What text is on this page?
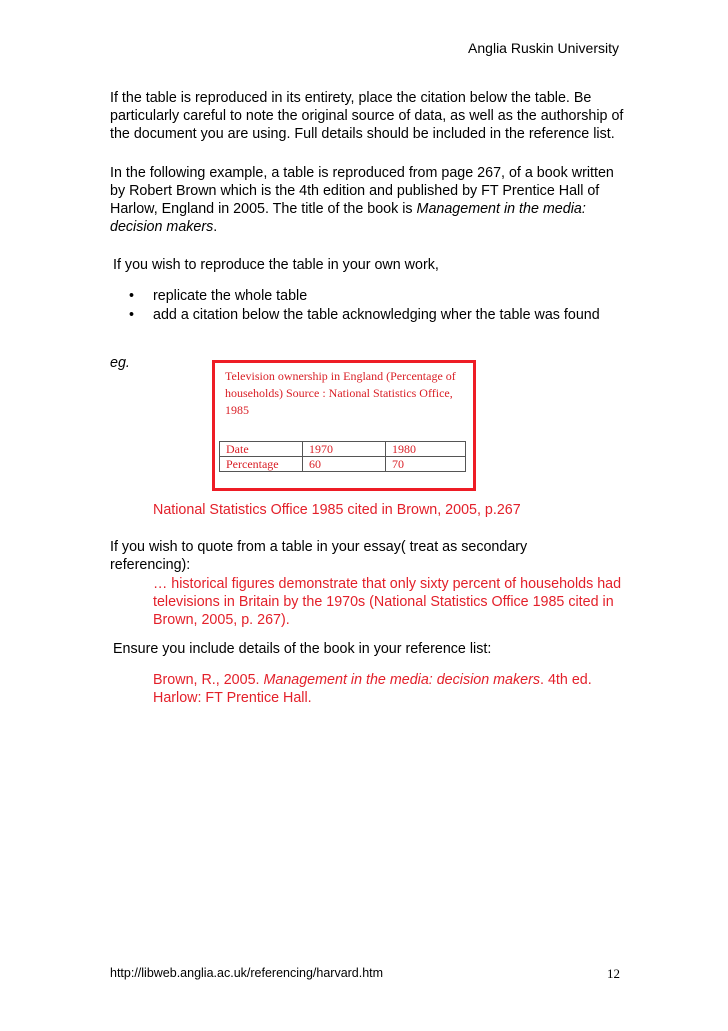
Anglia Ruskin University
If the table is reproduced in its entirety, place the citation below the table. Be particularly careful to note the original source of data, as well as the authorship of the document you are using. Full details should be included in the reference list.
In the following example, a table is reproduced from page 267, of a book written by Robert Brown which is the 4th edition and published by FT Prentice Hall of Harlow, England in 2005. The title of the book is Management in the media: decision makers.
If you wish to reproduce the table in your own work,
• replicate the whole table
• add a citation below the table acknowledging wher the table was found
eg.
Television ownership in England (Percentage of households) Source : National Statistics Office, 1985
Date	1970	1980
Percentage	60	70
National Statistics Office 1985 cited in Brown, 2005, p.267
If you wish to quote from a table in your essay( treat as secondary referencing):
… historical figures demonstrate that only sixty percent of households had televisions in Britain by the 1970s (National Statistics Office 1985 cited in Brown, 2005, p. 267).
Ensure you include details of the book in your reference list:
Brown, R., 2005. Management in the media: decision makers. 4th ed. Harlow: FT Prentice Hall.
http://libweb.anglia.ac.uk/referencing/harvard.htm	12
